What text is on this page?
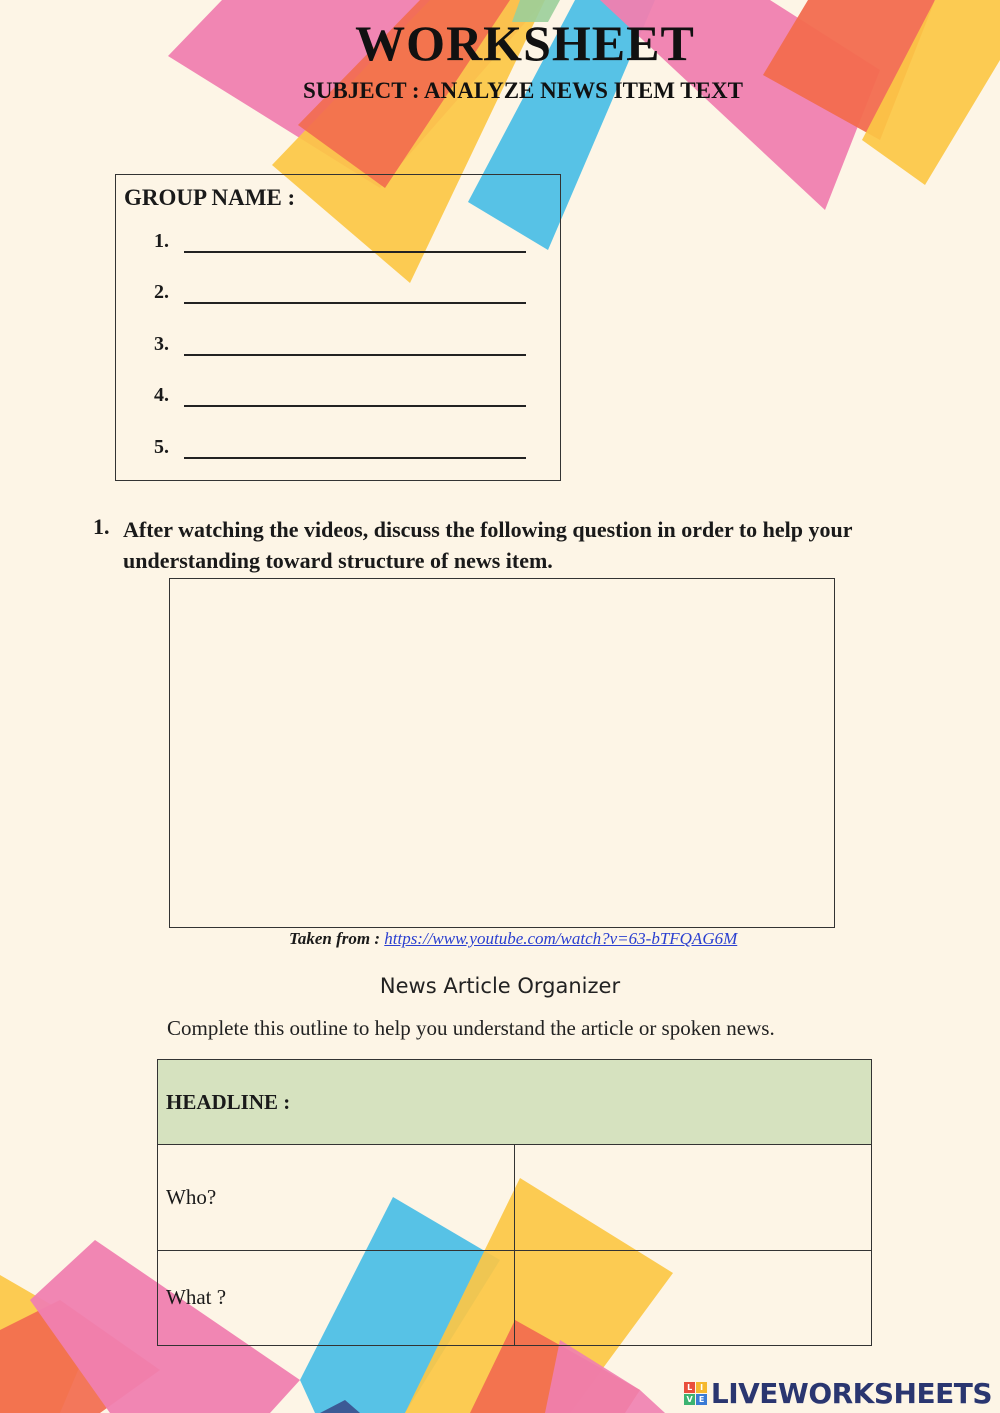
WORKSHEET
SUBJECT : ANALYZE NEWS ITEM TEXT
GROUP NAME :
1.
2.
3.
4.
5.
1. After watching the videos, discuss the following question in order to help your understanding toward structure of news item.
Taken from : https://www.youtube.com/watch?v=63-bTFQAG6M
News Article Organizer
Complete this outline to help you understand the article or spoken news.
HEADLINE :	
Who?	
What ?	
L	I
V E LIVEWORKSHEETS
